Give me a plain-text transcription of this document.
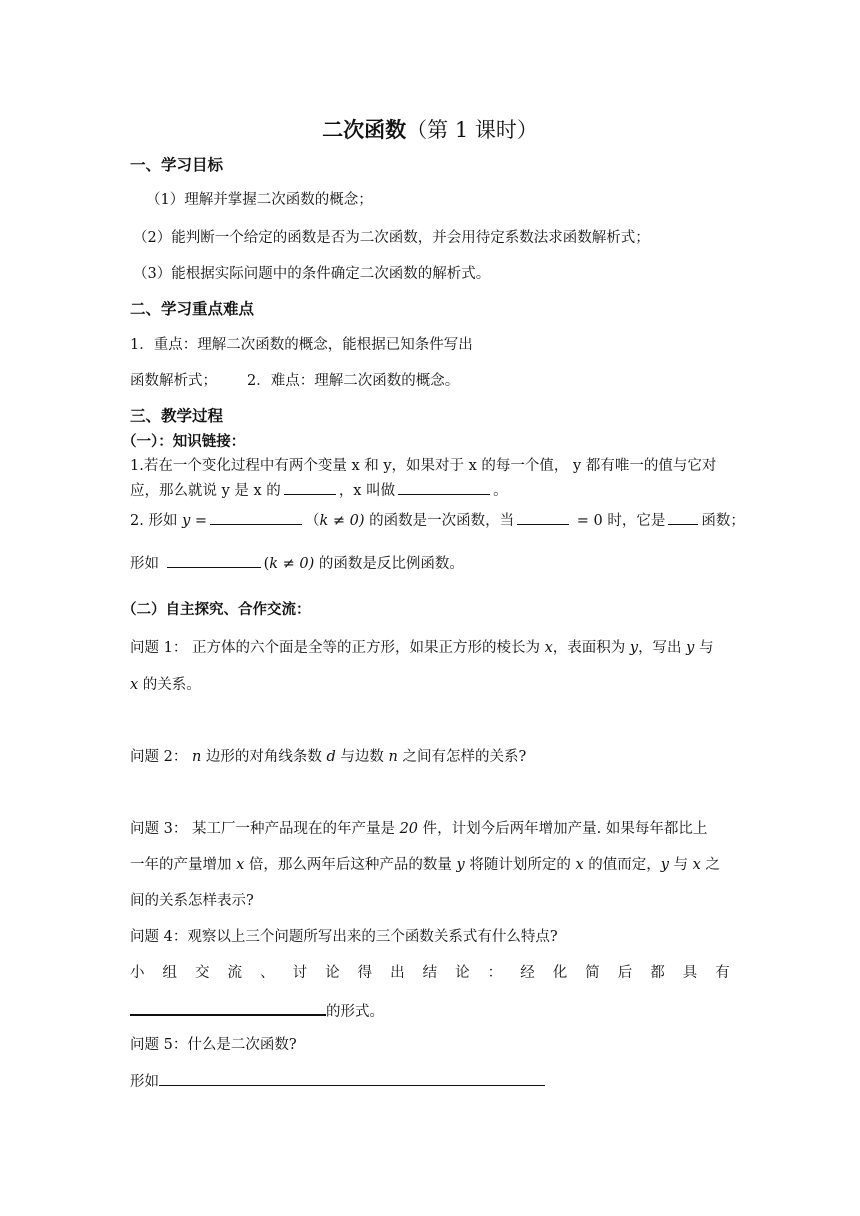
二次函数（第 1 课时）
一、学习目标
（1）理解并掌握二次函数的概念；
（2）能判断一个给定的函数是否为二次函数，并会用待定系数法求函数解析式；
（3）能根据实际问题中的条件确定二次函数的解析式。
二、学习重点难点
1．重点：理解二次函数的概念，能根据已知条件写出
函数解析式； 2．难点：理解二次函数的概念。
三、教学过程
（一）：知识链接：
1.若在一个变化过程中有两个变量 x 和 y，如果对于 x 的每一个值， y 都有唯一的值与它对
应，那么就说 y 是 x 的	，x 叫做	。
2. 形如 y =	（k ≠ 0) 的函数是一次函数，当	= 0 时，它是 函数；
形如	(k ≠ 0) 的函数是反比例函数。
（二）自主探究、合作交流：
问题 1： 正方体的六个面是全等的正方形，如果正方形的棱长为 x，表面积为 y，写出 y 与
x 的关系。
问题 2： n 边形的对角线条数 d 与边数 n 之间有怎样的关系?
问题 3： 某工厂一种产品现在的年产量是 20 件，计划今后两年增加产量. 如果每年都比上
一年的产量增加 x 倍，那么两年后这种产品的数量 y 将随计划所定的 x 的值而定，y 与 x 之
间的关系怎样表示?
问题 4：观察以上三个问题所写出来的三个函数关系式有什么特点?
小 组 交 流 、 讨 论 得 出 结 论 ： 经 化 简 后 都 具 有
的形式。
问题 5：什么是二次函数?
形如
